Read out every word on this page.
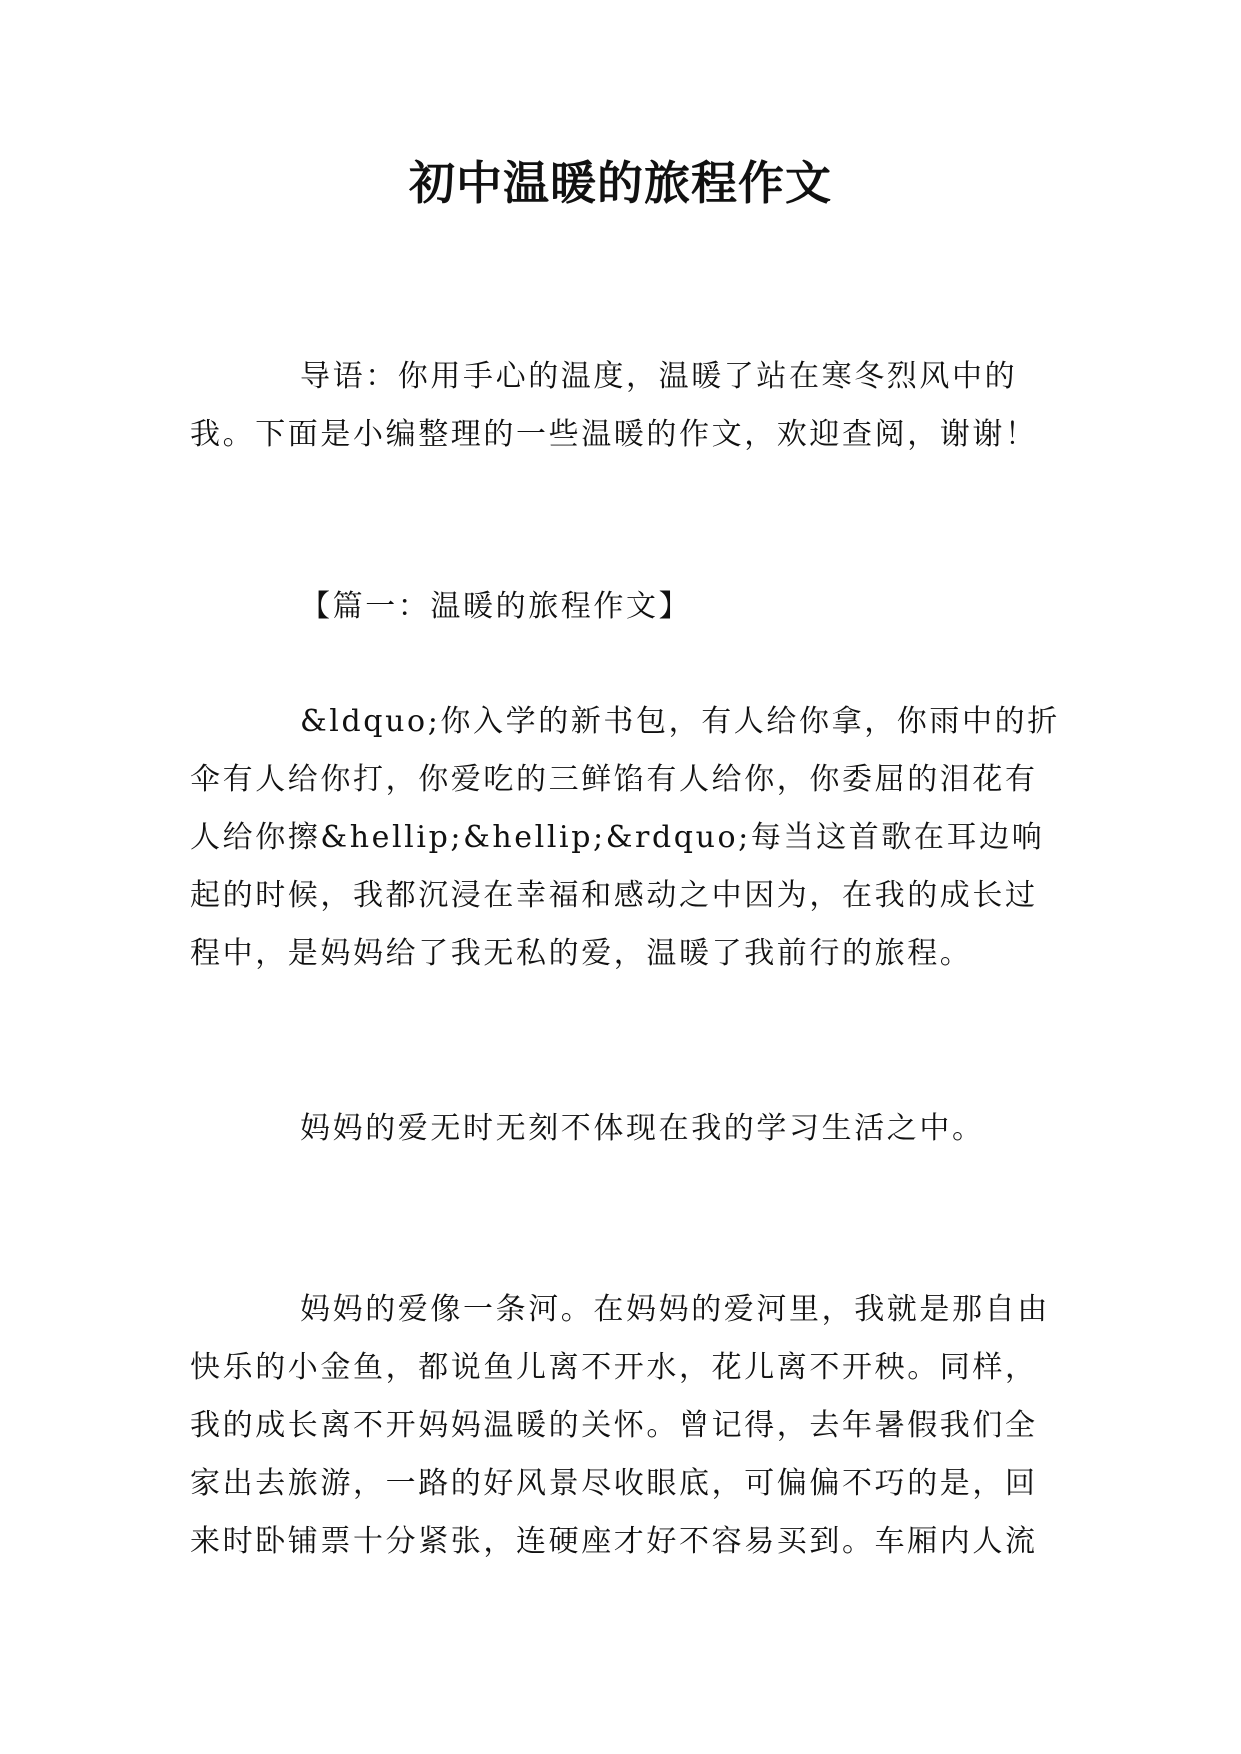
初中温暖的旅程作文

导语：你用手心的温度，温暖了站在寒冬烈风中的我。下面是小编整理的一些温暖的作文，欢迎查阅，谢谢！

【篇一：温暖的旅程作文】

&ldquo;你入学的新书包，有人给你拿，你雨中的折伞有人给你打，你爱吃的三鲜馅有人给你，你委屈的泪花有人给你擦&hellip;&hellip;&rdquo;每当这首歌在耳边响起的时候，我都沉浸在幸福和感动之中因为，在我的成长过程中，是妈妈给了我无私的爱，温暖了我前行的旅程。

妈妈的爱无时无刻不体现在我的学习生活之中。

妈妈的爱像一条河。在妈妈的爱河里，我就是那自由快乐的小金鱼，都说鱼儿离不开水，花儿离不开秧。同样，我的成长离不开妈妈温暖的关怀。曾记得，去年暑假我们全家出去旅游，一路的好风景尽收眼底，可偏偏不巧的是，回来时卧铺票十分紧张，连硬座才好不容易买到。车厢内人流
